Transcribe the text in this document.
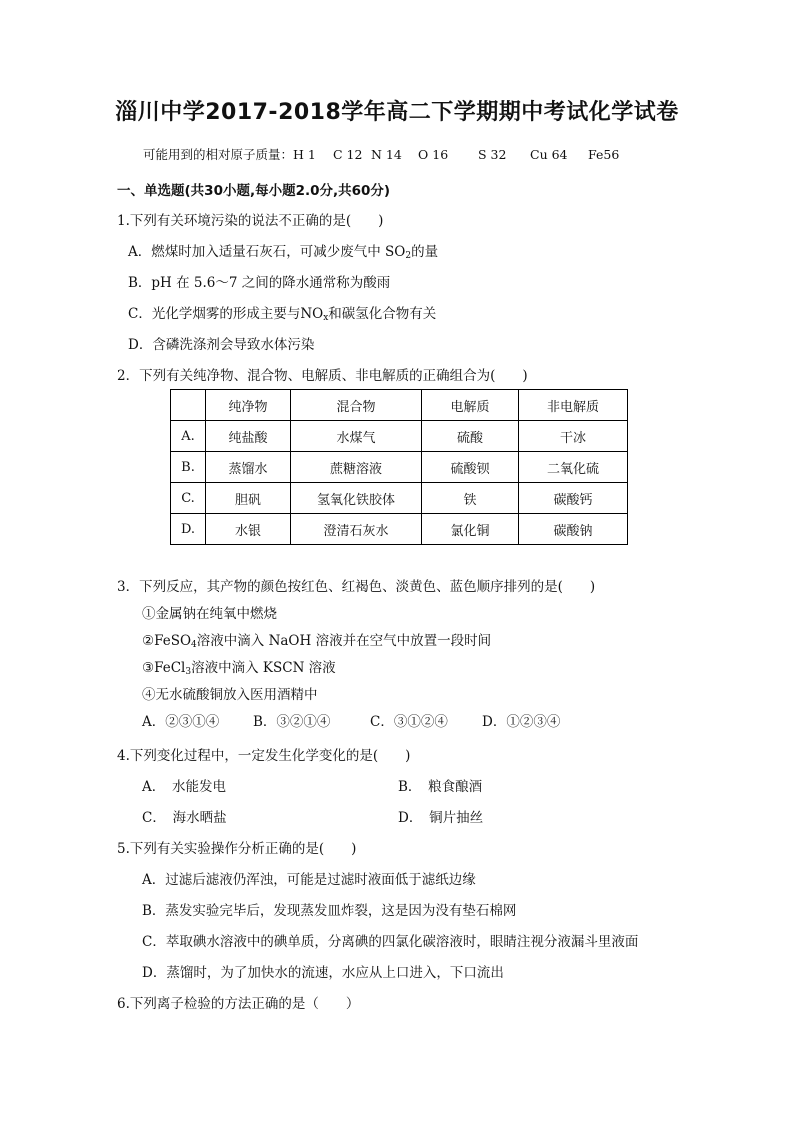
淄川中学2017-2018学年高二下学期期中考试化学试卷
可能用到的相对原子质量：H 1 C 12 N 14 O 16 S 32 Cu 64 Fe56
一、单选题(共30小题,每小题2.0分,共60分)
1.下列有关环境污染的说法不正确的是(　　)
A．燃煤时加入适量石灰石，可减少废气中 $SO_2$的量
B．pH 在 5.6～7 之间的降水通常称为酸雨
C．光化学烟雾的形成主要与$NO_x$和碳氢化合物有关
D．含磷洗涤剂会导致水体污染
2．下列有关纯净物、混合物、电解质、非电解质的正确组合为(　　)
	纯净物	混合物	电解质	非电解质
A.	纯盐酸	水煤气	硫酸	干冰
B.	蒸馏水	蔗糖溶液	硫酸钡	二氧化硫
C.	胆矾	氢氧化铁胶体	铁	碳酸钙
D.	水银	澄清石灰水	氯化铜	碳酸钠
3．下列反应，其产物的颜色按红色、红褐色、淡黄色、蓝色顺序排列的是(　　)
①金属钠在纯氧中燃烧
②FeSO$_4$溶液中滴入 NaOH 溶液并在空气中放置一段时间
③FeCl$_3$溶液中滴入 KSCN 溶液
④无水硫酸铜放入医用酒精中
A．②③①④	B．③②①④	C．③①②④	D．①②③④
4.下列变化过程中，一定发生化学变化的是(　　)
A．　水能发电	B．　粮食酿酒
C．　海水晒盐	D．　铜片抽丝
5.下列有关实验操作分析正确的是(　　)
A．过滤后滤液仍浑浊，可能是过滤时液面低于滤纸边缘
B．蒸发实验完毕后，发现蒸发皿炸裂，这是因为没有垫石棉网
C．萃取碘水溶液中的碘单质，分离碘的四氯化碳溶液时，眼睛注视分液漏斗里液面
D．蒸馏时，为了加快水的流速，水应从上口进入，下口流出
6.下列离子检验的方法正确的是（　　）
